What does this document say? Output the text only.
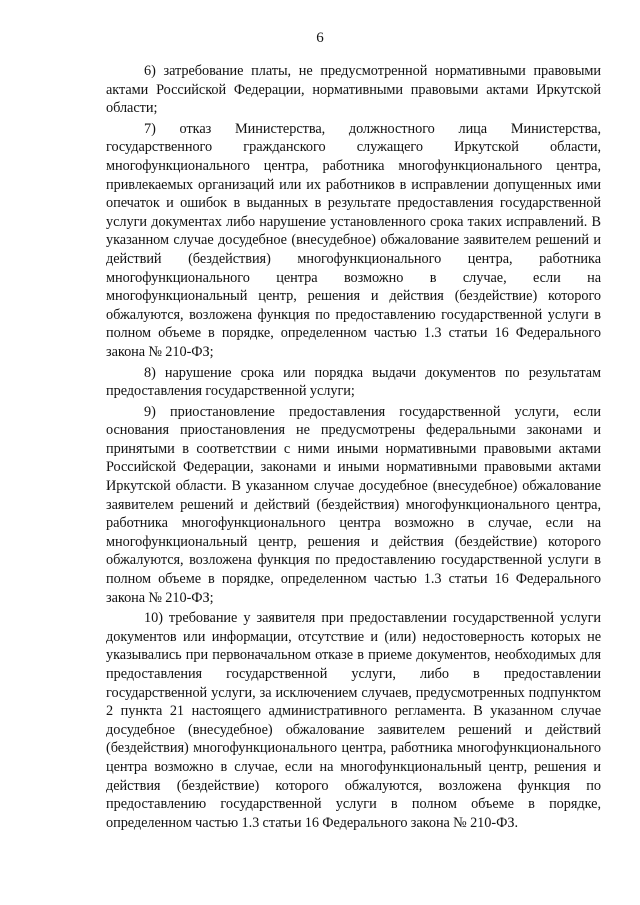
6

6) затребование платы, не предусмотренной нормативными правовыми актами Российской Федерации, нормативными правовыми актами Иркутской области;

7) отказ Министерства, должностного лица Министерства, государственного гражданского служащего Иркутской области, многофункционального центра, работника многофункционального центра, привлекаемых организаций или их работников в исправлении допущенных ими опечаток и ошибок в выданных в результате предоставления государственной услуги документах либо нарушение установленного срока таких исправлений. В указанном случае досудебное (внесудебное) обжалование заявителем решений и действий (бездействия) многофункционального центра, работника многофункционального центра возможно в случае, если на многофункциональный центр, решения и действия (бездействие) которого обжалуются, возложена функция по предоставлению государственной услуги в полном объеме в порядке, определенном частью 1.3 статьи 16 Федерального закона № 210-ФЗ;

8) нарушение срока или порядка выдачи документов по результатам предоставления государственной услуги;

9) приостановление предоставления государственной услуги, если основания приостановления не предусмотрены федеральными законами и принятыми в соответствии с ними иными нормативными правовыми актами Российской Федерации, законами и иными нормативными правовыми актами Иркутской области. В указанном случае досудебное (внесудебное) обжалование заявителем решений и действий (бездействия) многофункционального центра, работника многофункционального центра возможно в случае, если на многофункциональный центр, решения и действия (бездействие) которого обжалуются, возложена функция по предоставлению государственной услуги в полном объеме в порядке, определенном частью 1.3 статьи 16 Федерального закона № 210-ФЗ;

10) требование у заявителя при предоставлении государственной услуги документов или информации, отсутствие и (или) недостоверность которых не указывались при первоначальном отказе в приеме документов, необходимых для предоставления государственной услуги, либо в предоставлении государственной услуги, за исключением случаев, предусмотренных подпунктом 2 пункта 21 настоящего административного регламента. В указанном случае досудебное (внесудебное) обжалование заявителем решений и действий (бездействия) многофункционального центра, работника многофункционального центра возможно в случае, если на многофункциональный центр, решения и действия (бездействие) которого обжалуются, возложена функция по предоставлению государственной услуги в полном объеме в порядке, определенном частью 1.3 статьи 16 Федерального закона № 210-ФЗ.
